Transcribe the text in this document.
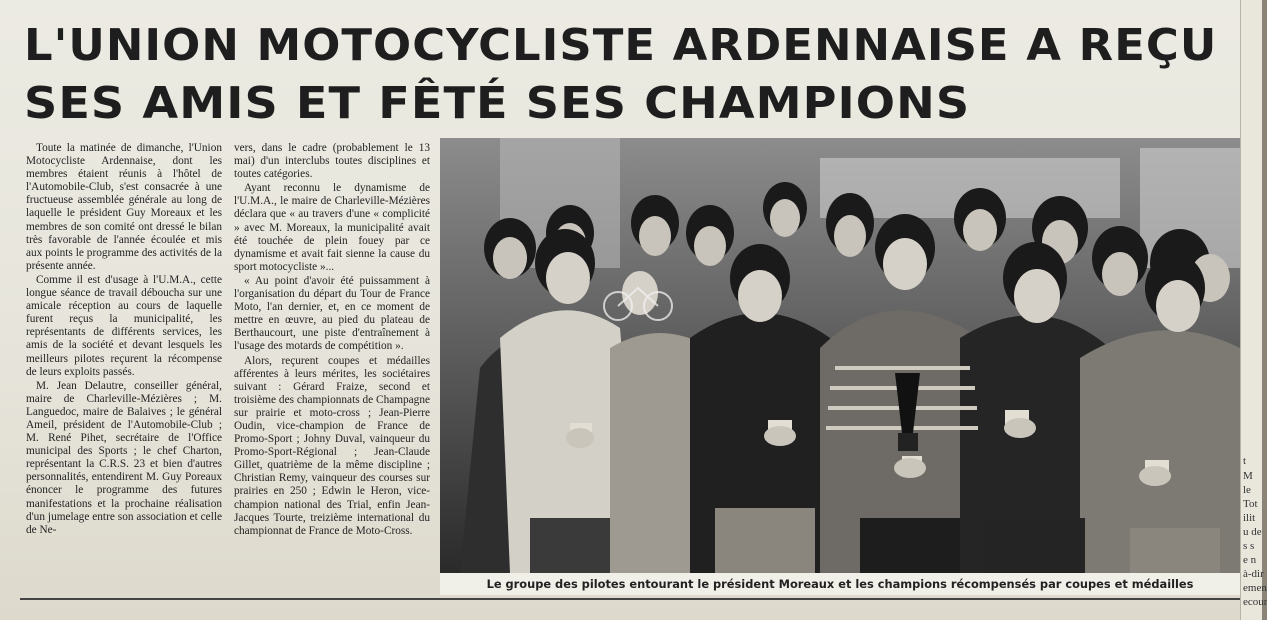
L'UNION MOTOCYCLISTE ARDENNAISE A REÇU
SES AMIS ET FÊTÉ SES CHAMPIONS

Toute la matinée de dimanche, l'Union Motocycliste Ardennaise, dont les membres étaient réunis à l'hôtel de l'Automobile-Club, s'est consacrée à une fructueuse assemblée générale au long de laquelle le président Guy Moreaux et les membres de son comité ont dressé le bilan très favorable de l'année écoulée et mis aux points le programme des activités de la présente année.

Comme il est d'usage à l'U.M.A., cette longue séance de travail déboucha sur une amicale réception au cours de laquelle furent reçus la municipalité, les représentants de différents services, les amis de la société et devant lesquels les meilleurs pilotes reçurent la récompense de leurs exploits passés.

M. Jean Delautre, conseiller général, maire de Charleville-Mézières ; M. Languedoc, maire de Balaives ; le général Ameil, président de l'Automobile-Club ; M. René Pihet, secrétaire de l'Office municipal des Sports ; le chef Charton, représentant la C.R.S. 23 et bien d'autres personnalités, entendirent M. Guy Poreaux énoncer le programme des futures manifestations et la prochaine réalisation d'un jumelage entre son association et celle de Ne-

vers, dans le cadre (probablement le 13 mai) d'un interclubs toutes disciplines et toutes catégories.

Ayant reconnu le dynamisme de l'U.M.A., le maire de Charleville-Mézières déclara que « au travers d'une « complicité » avec M. Moreaux, la municipalité avait été touchée de plein fouey par ce dynamisme et avait fait sienne la cause du sport motocycliste »...

« Au point d'avoir été puissamment à l'organisation du départ du Tour de France Moto, l'an dernier, et, en ce moment de mettre en œuvre, au pied du plateau de Berthaucourt, une piste d'entraînement à l'usage des motards de compétition ».

Alors, reçurent coupes et médailles afférentes à leurs mérites, les sociétaires suivant : Gérard Fraize, second et troisième des championnats de Champagne sur prairie et moto-cross ; Jean-Pierre Oudin, vice-champion de France de Promo-Sport ; Johny Duval, vainqueur du Promo-Sport-Régional ; Jean-Claude Gillet, quatrième de la même discipline ; Christian Remy, vainqueur des courses sur prairies en 250 ; Edwin le Heron, vice-champion national des Trial, enfin Jean-Jacques Tourte, treizième international du championnat de France de Moto-Cross.

Le groupe des pilotes entourant le président Moreaux et les champions récompensés par coupes et médailles
t
M
le
Tot
ilit
u de
s s
e n
à-dir
emen
ecour
